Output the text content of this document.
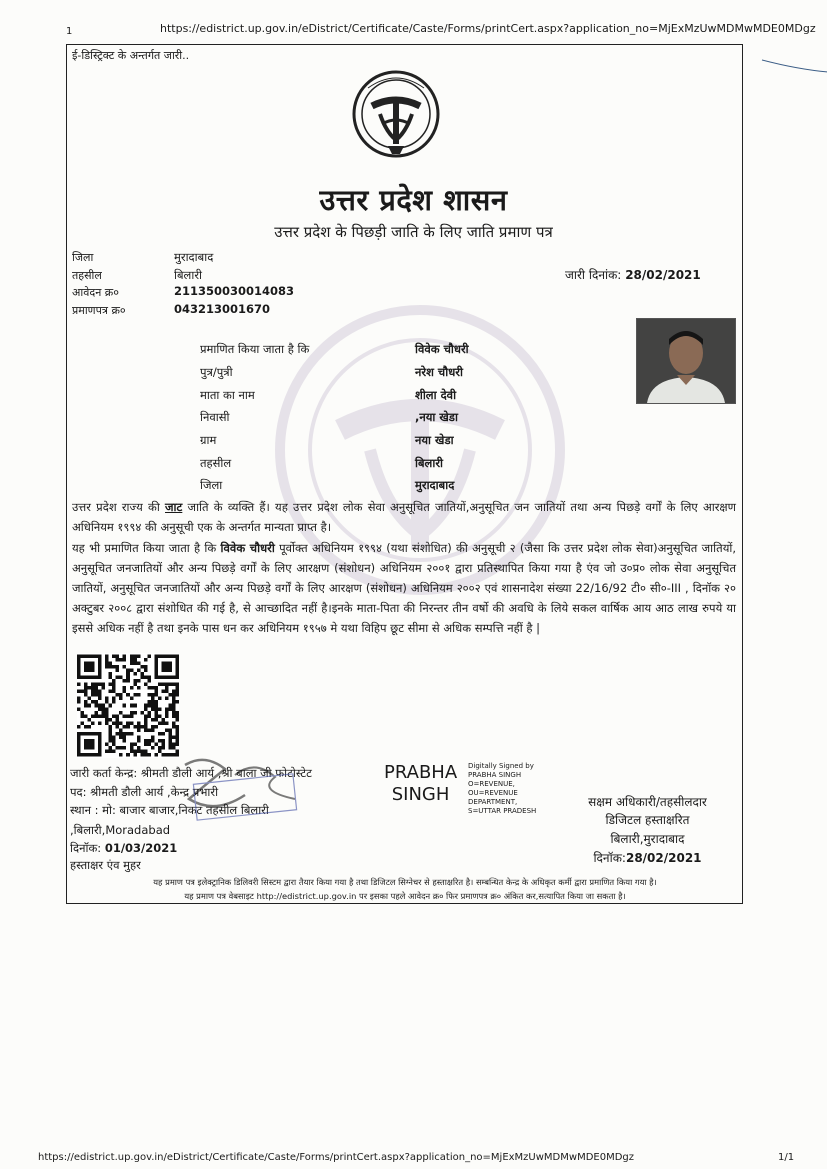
1	https://edistrict.up.gov.in/eDistrict/Certificate/Caste/Forms/printCert.aspx?application_no=MjExMzUwMDMwMDE0MDgz
ई-डिस्ट्रिक्ट के अन्तर्गत जारी..
उत्तर प्रदेश शासन
उत्तर प्रदेश के पिछड़ी जाति के लिए जाति प्रमाण पत्र
जिला	मुरादाबाद
तहसील	बिलारी
आवेदन क्र०	211350030014083
प्रमाणपत्र क्र०	043213001670
जारी दिनांक: 28/02/2021
प्रमाणित किया जाता है कि	विवेक चौधरी
पुत्र/पुत्री	नरेश चौधरी
माता का नाम	शीला देवी
निवासी	,नया खेडा
ग्राम	नया खेडा
तहसील	बिलारी
जिला	मुरादाबाद
उत्तर प्रदेश राज्य की जाट जाति के व्यक्ति हैं। यह उत्तर प्रदेश लोक सेवा अनुसूचित जातियों,अनुसूचित जन जातियों तथा अन्य पिछड़े वर्गों के लिए आरक्षण अधिनियम १९९४ की अनुसूची एक के अन्तर्गत मान्यता प्राप्त है।
यह भी प्रमाणित किया जाता है कि विवेक चौधरी पूर्वोक्त अधिनियम १९९४ (यथा संशोधित) की अनुसूची २ (जैसा कि उत्तर प्रदेश लोक सेवा)अनुसूचित जातियों, अनुसूचित जनजातियों और अन्य पिछड़े वर्गों के लिए आरक्षण (संशोधन) अधिनियम २००१ द्वारा प्रतिस्थापित किया गया है एंव जो उ०प्र० लोक सेवा अनुसूचित जातियों, अनुसूचित जनजातियों और अन्य पिछड़े वर्गों के लिए आरक्षण (संशोधन) अधिनियम २००२ एवं शासनादेश संख्या 22/16/92 टी० सी०-III , दिनॉक २० अक्टुबर २००८ द्वारा संशोधित की गई है, से आच्छादित नहीं है।इनके माता-पिता की निरन्तर तीन वर्षो की अवधि के लिये सकल वार्षिक आय आठ लाख रुपये या इससे अधिक नहीं है तथा इनके पास धन कर अधिनियम १९५७ मे यथा विहिप छूट सीमा से अधिक सम्पत्ति नहीं है |
जारी कर्ता केन्द्र: श्रीमती डौली आर्य ,श्री बाला जी फोटोस्टेट
पद: श्रीमती डौली आर्य ,केन्द्र प्रभारी
स्थान : मो: बाजार बाजार,निकट तहसील बिलारी
,बिलारी,Moradabad
दिनॉक: 01/03/2021
हस्ताक्षर एंव मुहर
PRABHA
SINGH
Digitally Signed by
PRABHA SINGH
O=REVENUE,
OU=REVENUE
DEPARTMENT,
S=UTTAR PRADESH
सक्षम अधिकारी/तहसीलदार
डिजिटल हस्ताक्षरित
बिलारी,मुरादाबाद
दिनॉक:28/02/2021
यह प्रमाण पत्र इलेक्ट्रानिक डिलिवरी सिस्टम द्वारा तैयार किया गया है तथा डिजिटल सिग्नेचर से हस्ताक्षरित है। सम्बन्धित केन्द्र के अधिकृत कर्मी द्वारा प्रमाणित किया गया है।
यह प्रमाण पत्र वेबसाइट http://edistrict.up.gov.in पर इसका पहले आवेदन क्र० फिर प्रमाणपत्र क्र० अंकित कर,सत्यापित किया जा सकता है।
https://edistrict.up.gov.in/eDistrict/Certificate/Caste/Forms/printCert.aspx?application_no=MjExMzUwMDMwMDE0MDgz	1/1
